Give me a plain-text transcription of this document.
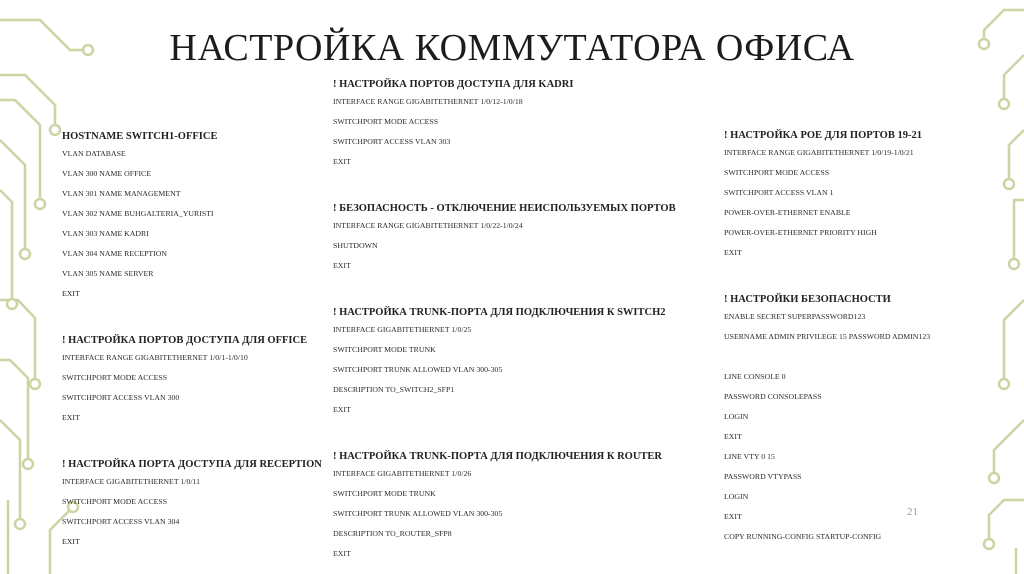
НАСТРОЙКА КОММУТАТОРА ОФИСА
HOSTNAME SWITCH1-OFFICE
VLAN DATABASE
VLAN 300 NAME OFFICE
VLAN 301 NAME MANAGEMENT
VLAN 302 NAME BUHGALTERIA_YURISTI
VLAN 303 NAME KADRI
VLAN 304 NAME RECEPTION
VLAN 305 NAME SERVER
EXIT
! НАСТРОЙКА ПОРТОВ ДОСТУПА ДЛЯ OFFICE
INTERFACE RANGE GIGABITETHERNET 1/0/1-1/0/10
SWITCHPORT MODE ACCESS
SWITCHPORT ACCESS VLAN 300
EXIT
! НАСТРОЙКА ПОРТА ДОСТУПА ДЛЯ RECEPTION
INTERFACE GIGABITETHERNET 1/0/11
SWITCHPORT MODE ACCESS
SWITCHPORT ACCESS VLAN 304
EXIT
! НАСТРОЙКА ПОРТОВ ДОСТУПА ДЛЯ KADRI
INTERFACE RANGE GIGABITETHERNET 1/0/12-1/0/18
SWITCHPORT MODE ACCESS
SWITCHPORT ACCESS VLAN 303
EXIT
! БЕЗОПАСНОСТЬ - ОТКЛЮЧЕНИЕ НЕИСПОЛЬЗУЕМЫХ ПОРТОВ
INTERFACE RANGE GIGABITETHERNET 1/0/22-1/0/24
SHUTDOWN
EXIT
! НАСТРОЙКА TRUNK-ПОРТА ДЛЯ ПОДКЛЮЧЕНИЯ К SWITCH2
INTERFACE GIGABITETHERNET 1/0/25
SWITCHPORT MODE TRUNK
SWITCHPORT TRUNK ALLOWED VLAN 300-305
DESCRIPTION TO_SWITCH2_SFP1
EXIT
! НАСТРОЙКА TRUNK-ПОРТА ДЛЯ ПОДКЛЮЧЕНИЯ К ROUTER
INTERFACE GIGABITETHERNET 1/0/26
SWITCHPORT MODE TRUNK
SWITCHPORT TRUNK ALLOWED VLAN 300-305
DESCRIPTION TO_ROUTER_SFP8
EXIT
! НАСТРОЙКА POE ДЛЯ ПОРТОВ 19-21
INTERFACE RANGE GIGABITETHERNET 1/0/19-1/0/21
SWITCHPORT MODE ACCESS
SWITCHPORT ACCESS VLAN 1
POWER-OVER-ETHERNET ENABLE
POWER-OVER-ETHERNET PRIORITY HIGH
EXIT
! НАСТРОЙКИ БЕЗОПАСНОСТИ
ENABLE SECRET SUPERPASSWORD123
USERNAME ADMIN PRIVILEGE 15 PASSWORD ADMIN123
LINE CONSOLE 0
PASSWORD CONSOLEPASS
LOGIN
EXIT
LINE VTY 0 15
PASSWORD VTYPASS
LOGIN
EXIT
COPY RUNNING-CONFIG STARTUP-CONFIG
21
